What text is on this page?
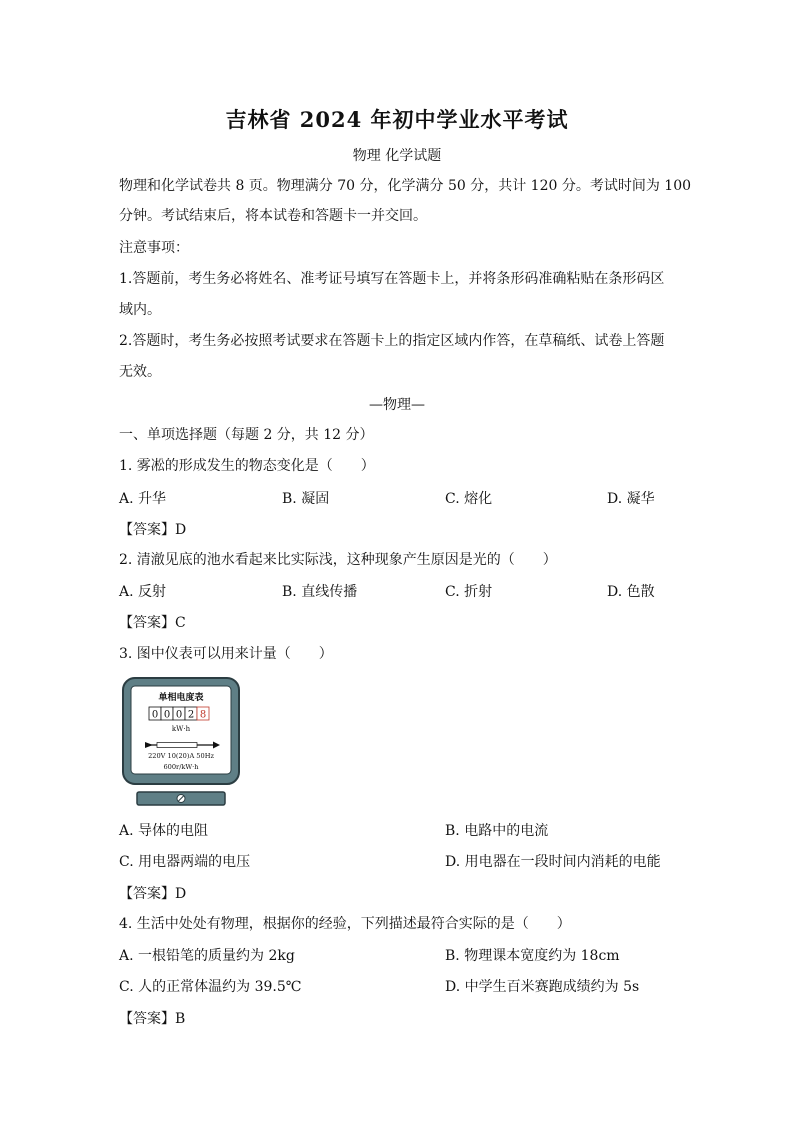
吉林省 2024 年初中学业水平考试
物理 化学试题
物理和化学试卷共 8 页。物理满分 70 分，化学满分 50 分，共计 120 分。考试时间为 100
分钟。考试结束后，将本试卷和答题卡一并交回。
注意事项：
1.答题前，考生务必将姓名、准考证号填写在答题卡上，并将条形码准确粘贴在条形码区
域内。
2.答题时，考生务必按照考试要求在答题卡上的指定区域内作答，在草稿纸、试卷上答题
无效。
—物理—
一、单项选择题（每题 2 分，共 12 分）
1. 雾凇的形成发生的物态变化是（　　）
A. 升华	B. 凝固	C. 熔化	D. 凝华
【答案】D
2. 清澈见底的池水看起来比实际浅，这种现象产生原因是光的（　　）
A. 反射	B. 直线传播	C. 折射	D. 色散
【答案】C
3. 图中仪表可以用来计量（　　）
单相电度表
0 0 0 2 8
kW·h
220V 10(20)A 50Hz
600r/kW·h
A. 导体的电阻	B. 电路中的电流
C. 用电器两端的电压	D. 用电器在一段时间内消耗的电能
【答案】D
4. 生活中处处有物理，根据你的经验，下列描述最符合实际的是（　　）
A. 一根铅笔的质量约为 2kg	B. 物理课本宽度约为 18cm
C. 人的正常体温约为 39.5℃	D. 中学生百米赛跑成绩约为 5s
【答案】B
